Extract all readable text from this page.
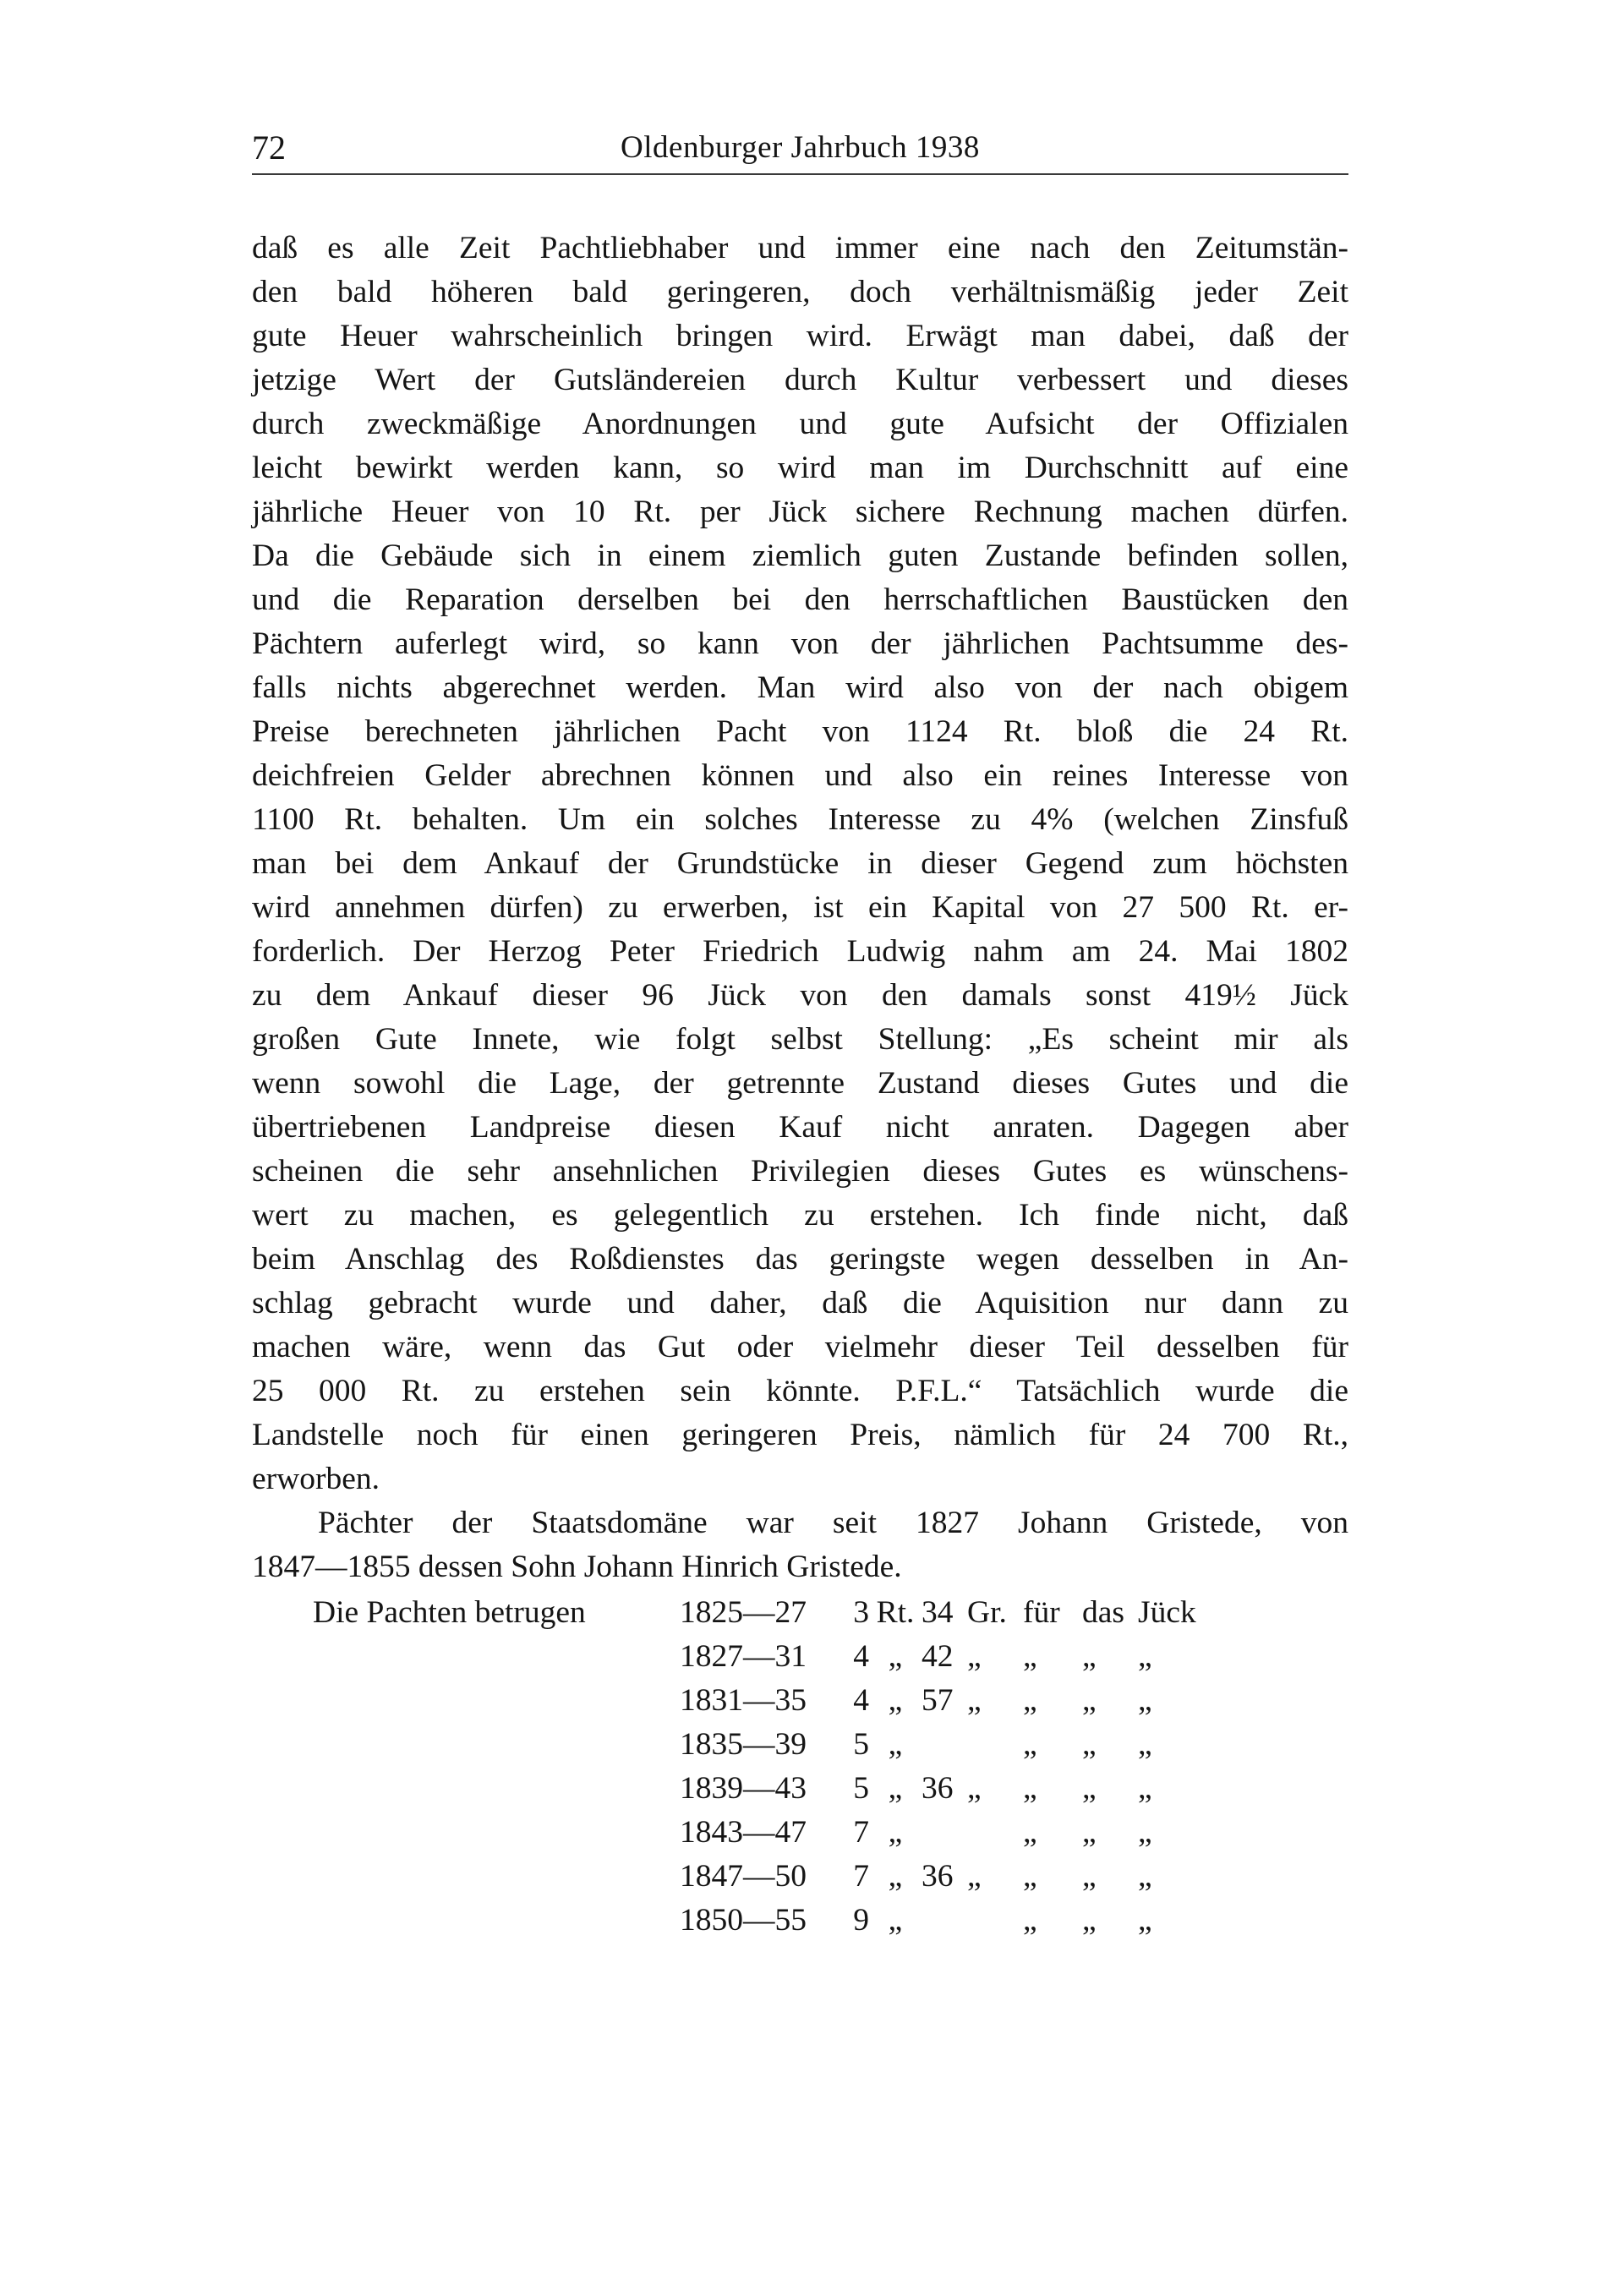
72	Oldenburger Jahrbuch 1938
daß es alle Zeit Pachtliebhaber und immer eine nach den Zeitumstän-
den bald höheren bald geringeren, doch verhältnismäßig jeder Zeit
gute Heuer wahrscheinlich bringen wird. Erwägt man dabei, daß der
jetzige Wert der Gutsländereien durch Kultur verbessert und dieses
durch zweckmäßige Anordnungen und gute Aufsicht der Offizialen
leicht bewirkt werden kann, so wird man im Durchschnitt auf eine
jährliche Heuer von 10 Rt. per Jück sichere Rechnung machen dürfen.
Da die Gebäude sich in einem ziemlich guten Zustande befinden sollen,
und die Reparation derselben bei den herrschaftlichen Baustücken den
Pächtern auferlegt wird, so kann von der jährlichen Pachtsumme des-
falls nichts abgerechnet werden. Man wird also von der nach obigem
Preise berechneten jährlichen Pacht von 1124 Rt. bloß die 24 Rt.
deichfreien Gelder abrechnen können und also ein reines Interesse von
1100 Rt. behalten. Um ein solches Interesse zu 4% (welchen Zinsfuß
man bei dem Ankauf der Grundstücke in dieser Gegend zum höchsten
wird annehmen dürfen) zu erwerben, ist ein Kapital von 27 500 Rt. er-
forderlich. Der Herzog Peter Friedrich Ludwig nahm am 24. Mai 1802
zu dem Ankauf dieser 96 Jück von den damals sonst 419½ Jück
großen Gute Innete, wie folgt selbst Stellung: „Es scheint mir als
wenn sowohl die Lage, der getrennte Zustand dieses Gutes und die
übertriebenen Landpreise diesen Kauf nicht anraten. Dagegen aber
scheinen die sehr ansehnlichen Privilegien dieses Gutes es wünschens-
wert zu machen, es gelegentlich zu erstehen. Ich finde nicht, daß
beim Anschlag des Roßdienstes das geringste wegen desselben in An-
schlag gebracht wurde und daher, daß die Aquisition nur dann zu
machen wäre, wenn das Gut oder vielmehr dieser Teil desselben für
25 000 Rt. zu erstehen sein könnte. P.F.L.“ Tatsächlich wurde die
Landstelle noch für einen geringeren Preis, nämlich für 24 700 Rt.,
erworben.
Pächter der Staatsdomäne war seit 1827 Johann Gristede, von
1847—1855 dessen Sohn Johann Hinrich Gristede.
Die Pachten betrugen	1825—27	3	Rt.	34	Gr.	für	das	Jück
	1827—31	4	„	42	„	„	„	„
	1831—35	4	„	57	„	„	„	„
	1835—39	5	„			„	„	„
	1839—43	5	„	36	„	„	„	„
	1843—47	7	„			„	„	„
	1847—50	7	„	36	„	„	„	„
	1850—55	9	„			„	„	„
